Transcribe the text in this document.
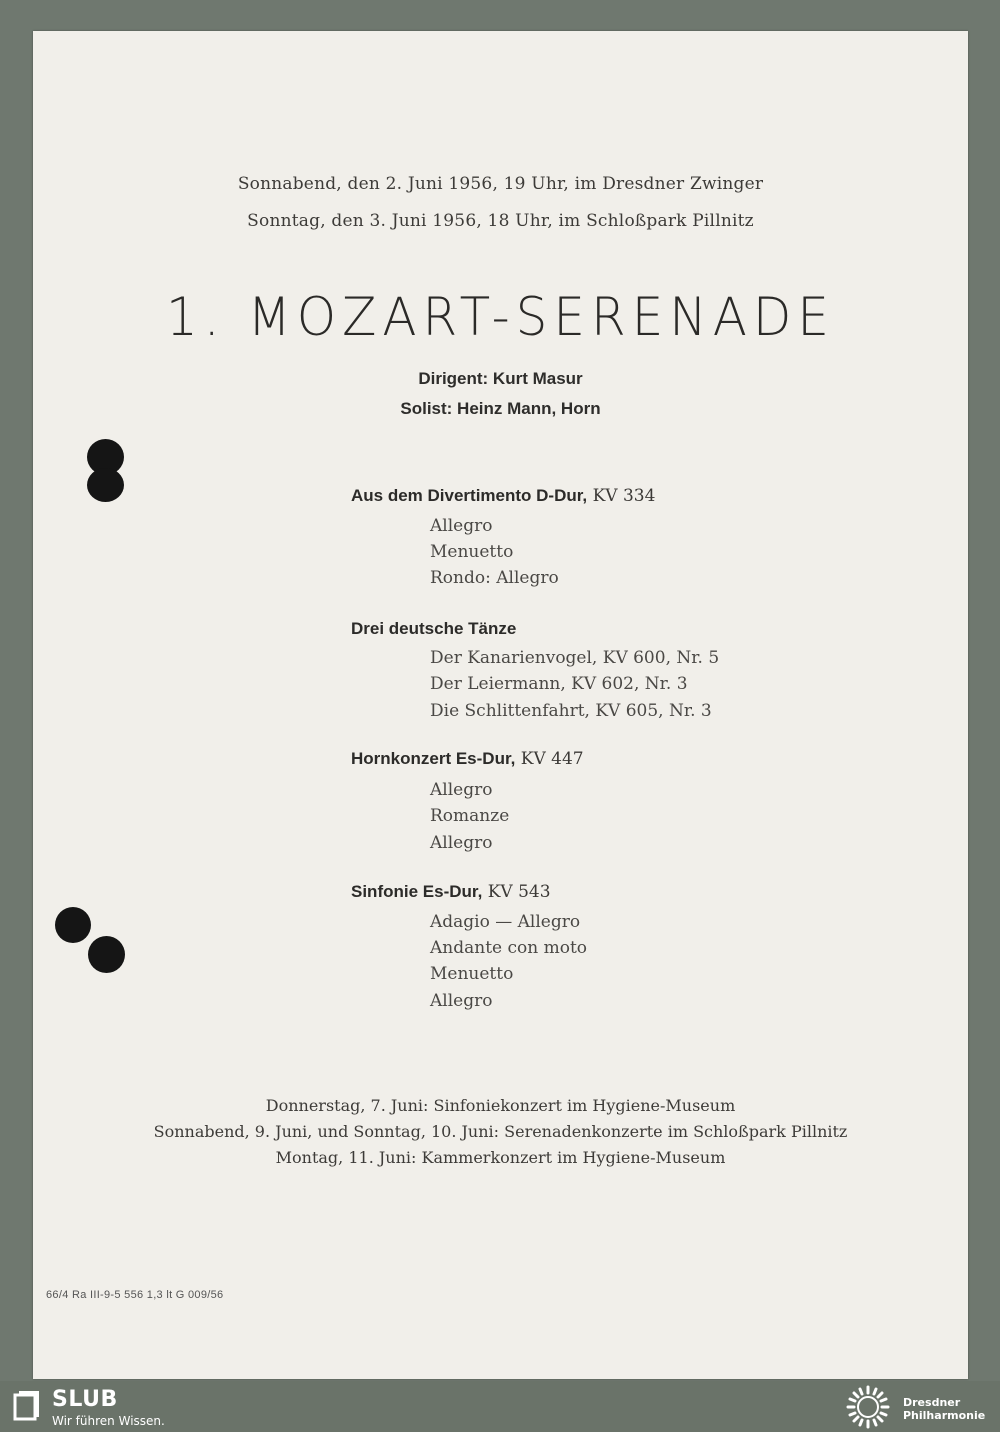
Sonnabend, den 2. Juni 1956, 19 Uhr, im Dresdner Zwinger
Sonntag, den 3. Juni 1956, 18 Uhr, im Schloßpark Pillnitz
1. MOZART-SERENADE
Dirigent: Kurt Masur
Solist: Heinz Mann, Horn
Aus dem Divertimento D-Dur, KV 334
Allegro
Menuetto
Rondo: Allegro
Drei deutsche Tänze
Der Kanarienvogel, KV 600, Nr. 5
Der Leiermann, KV 602, Nr. 3
Die Schlittenfahrt, KV 605, Nr. 3
Hornkonzert Es-Dur, KV 447
Allegro
Romanze
Allegro
Sinfonie Es-Dur, KV 543
Adagio — Allegro
Andante con moto
Menuetto
Allegro
Donnerstag, 7. Juni: Sinfoniekonzert im Hygiene-Museum
Sonnabend, 9. Juni, und Sonntag, 10. Juni: Serenadenkonzerte im Schloßpark Pillnitz
Montag, 11. Juni: Kammerkonzert im Hygiene-Museum
66/4 Ra III-9-5 556 1,3 lt G 009/56
SLUB
Wir führen Wissen.
Dresdner
Philharmonie
